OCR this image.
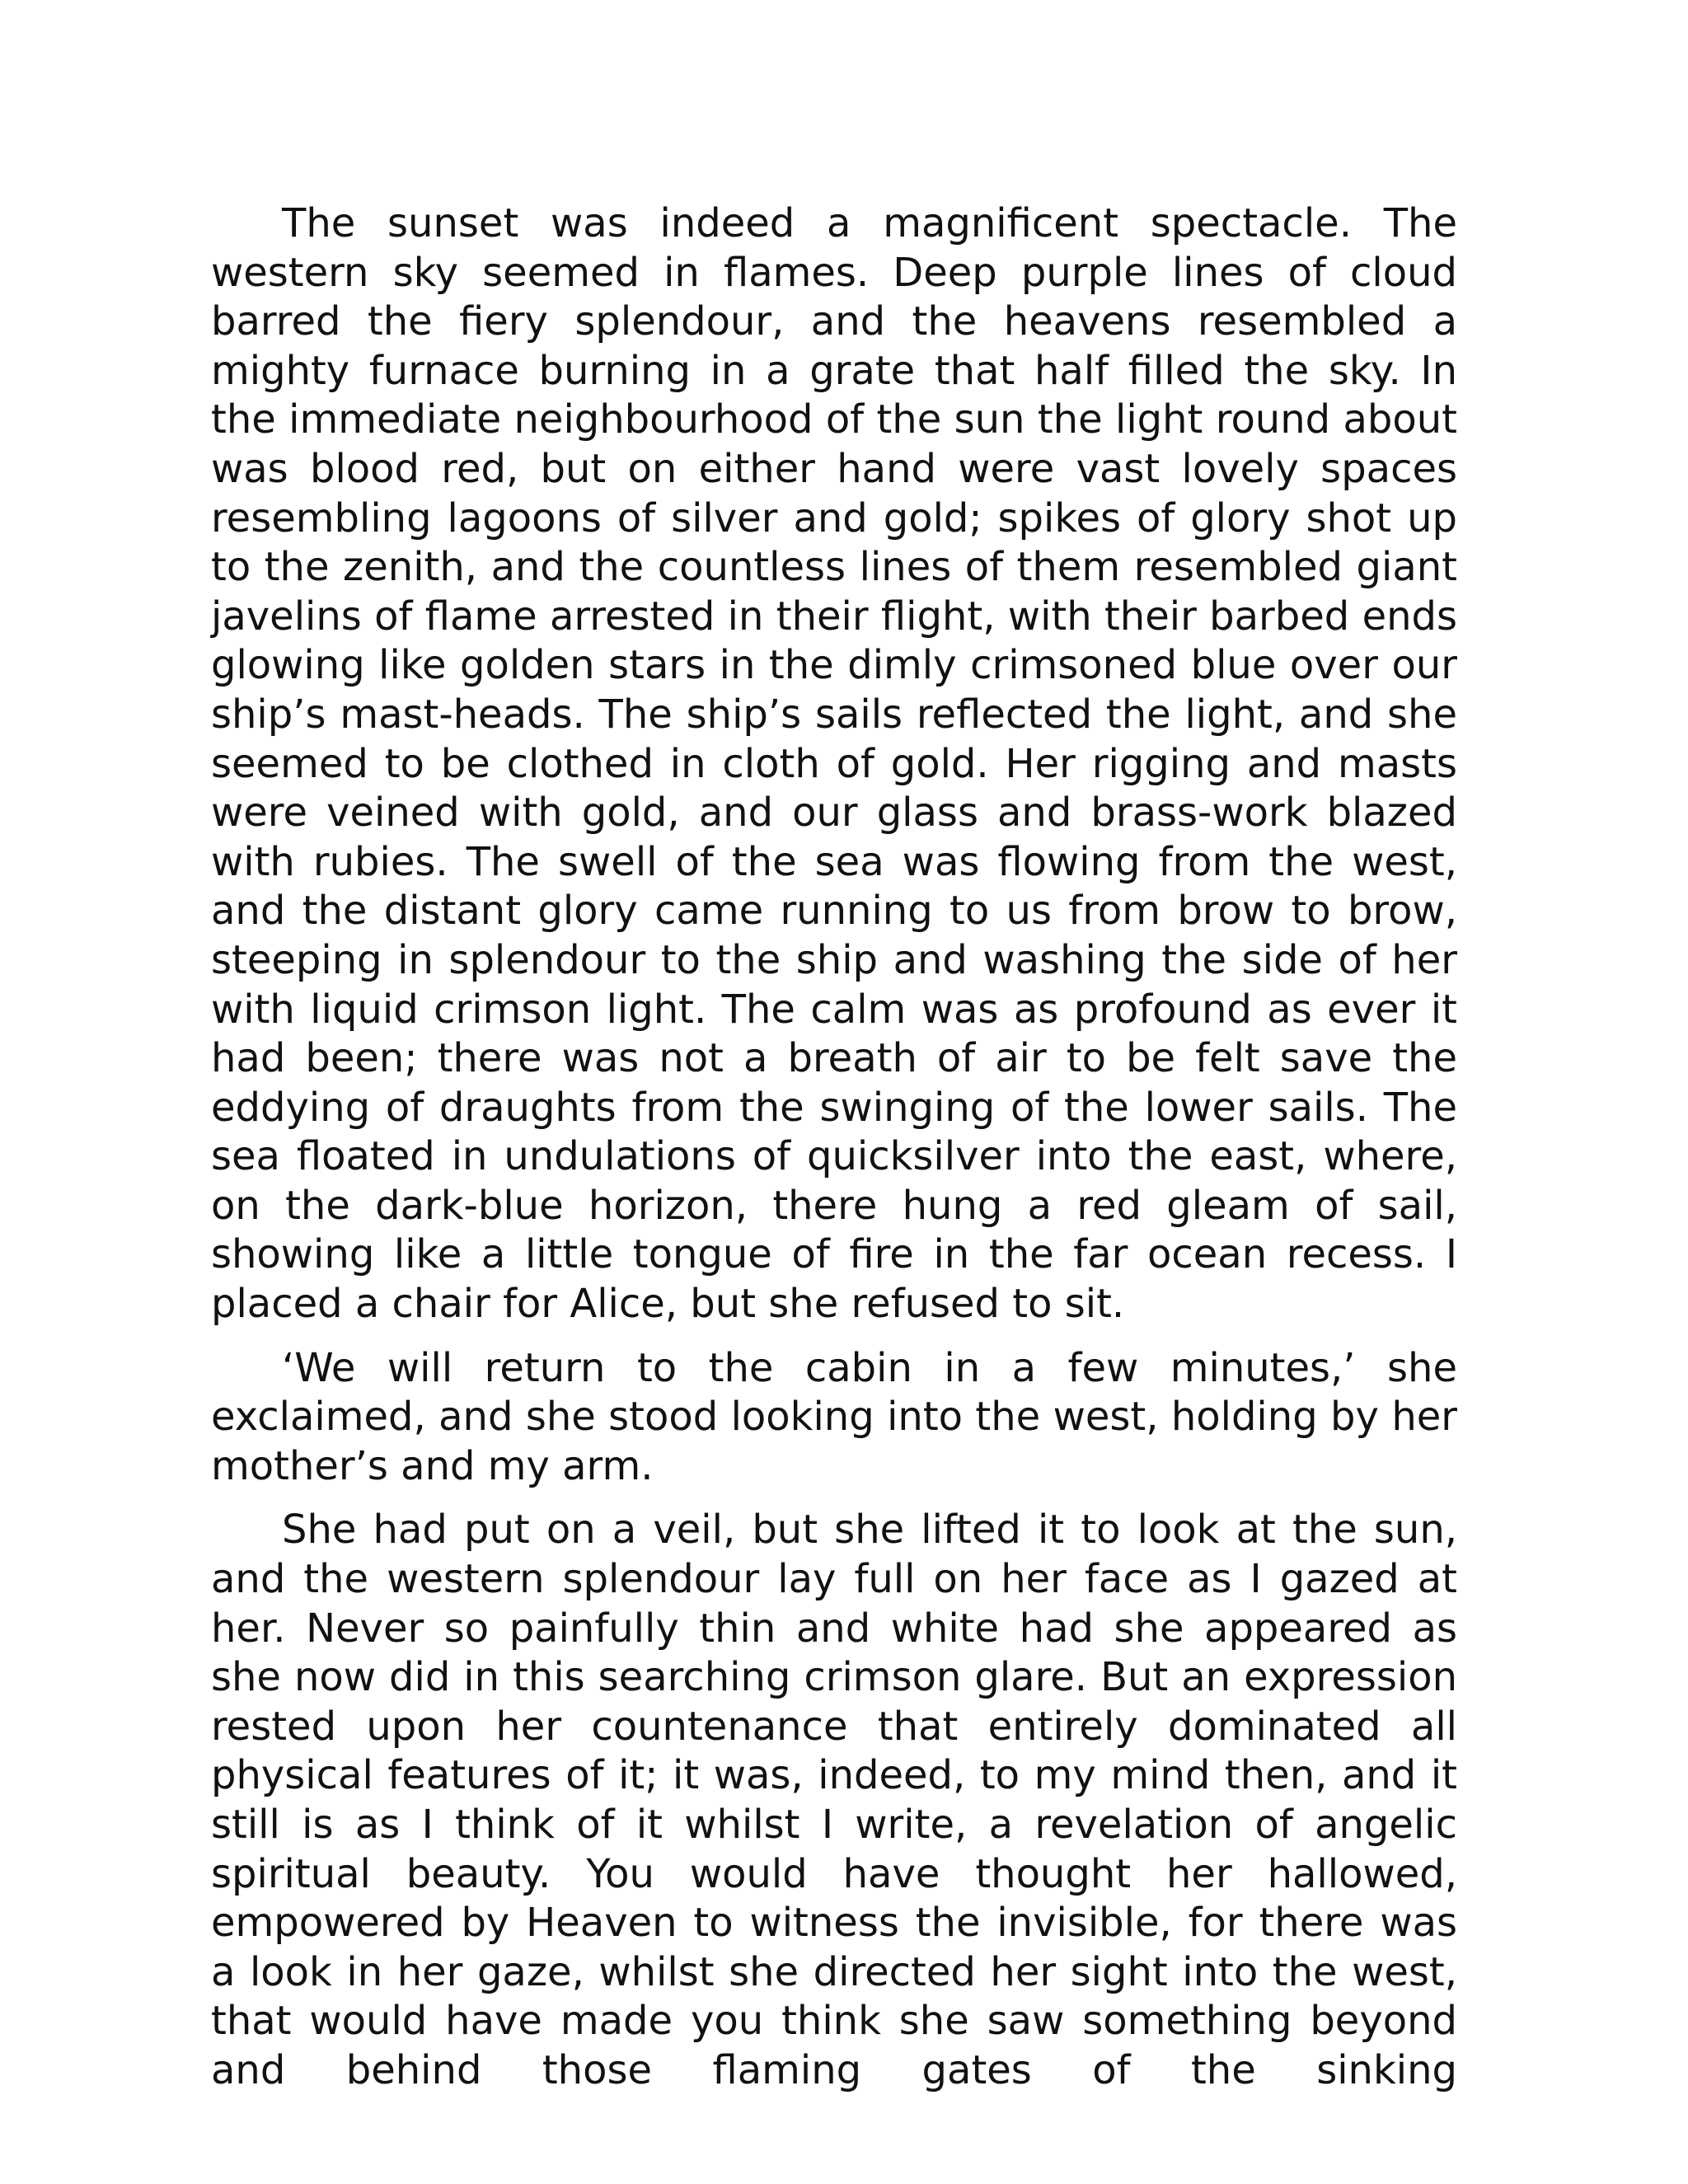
The sunset was indeed a magnificent spectacle. The western sky seemed in flames. Deep purple lines of cloud barred the fiery splendour, and the heavens resembled a mighty furnace burning in a grate that half filled the sky. In the immediate neighbourhood of the sun the light round about was blood red, but on either hand were vast lovely spaces resembling lagoons of silver and gold; spikes of glory shot up to the zenith, and the countless lines of them resembled giant javelins of flame arrested in their flight, with their barbed ends glowing like golden stars in the dimly crimsoned blue over our ship’s mast-heads. The ship’s sails reflected the light, and she seemed to be clothed in cloth of gold. Her rigging and masts were veined with gold, and our glass and brass-work blazed with rubies. The swell of the sea was flowing from the west, and the distant glory came running to us from brow to brow, steeping in splendour to the ship and washing the side of her with liquid crimson light. The calm was as profound as ever it had been; there was not a breath of air to be felt save the eddying of draughts from the swinging of the lower sails. The sea floated in undulations of quicksilver into the east, where, on the dark-blue horizon, there hung a red gleam of sail, showing like a little tongue of fire in the far ocean recess. I placed a chair for Alice, but she refused to sit.

‘We will return to the cabin in a few minutes,’ she exclaimed, and she stood looking into the west, holding by her mother’s and my arm.

She had put on a veil, but she lifted it to look at the sun, and the western splendour lay full on her face as I gazed at her. Never so painfully thin and white had she appeared as she now did in this searching crimson glare. But an expression rested upon her countenance that entirely dominated all physical features of it; it was, indeed, to my mind then, and it still is as I think of it whilst I write, a revelation of angelic spiritual beauty. You would have thought her hallowed, empowered by Heaven to witness the invisible, for there was a look in her gaze, whilst she directed her sight into the west, that would have made you think she saw something beyond and behind those flaming gates of the sinking
